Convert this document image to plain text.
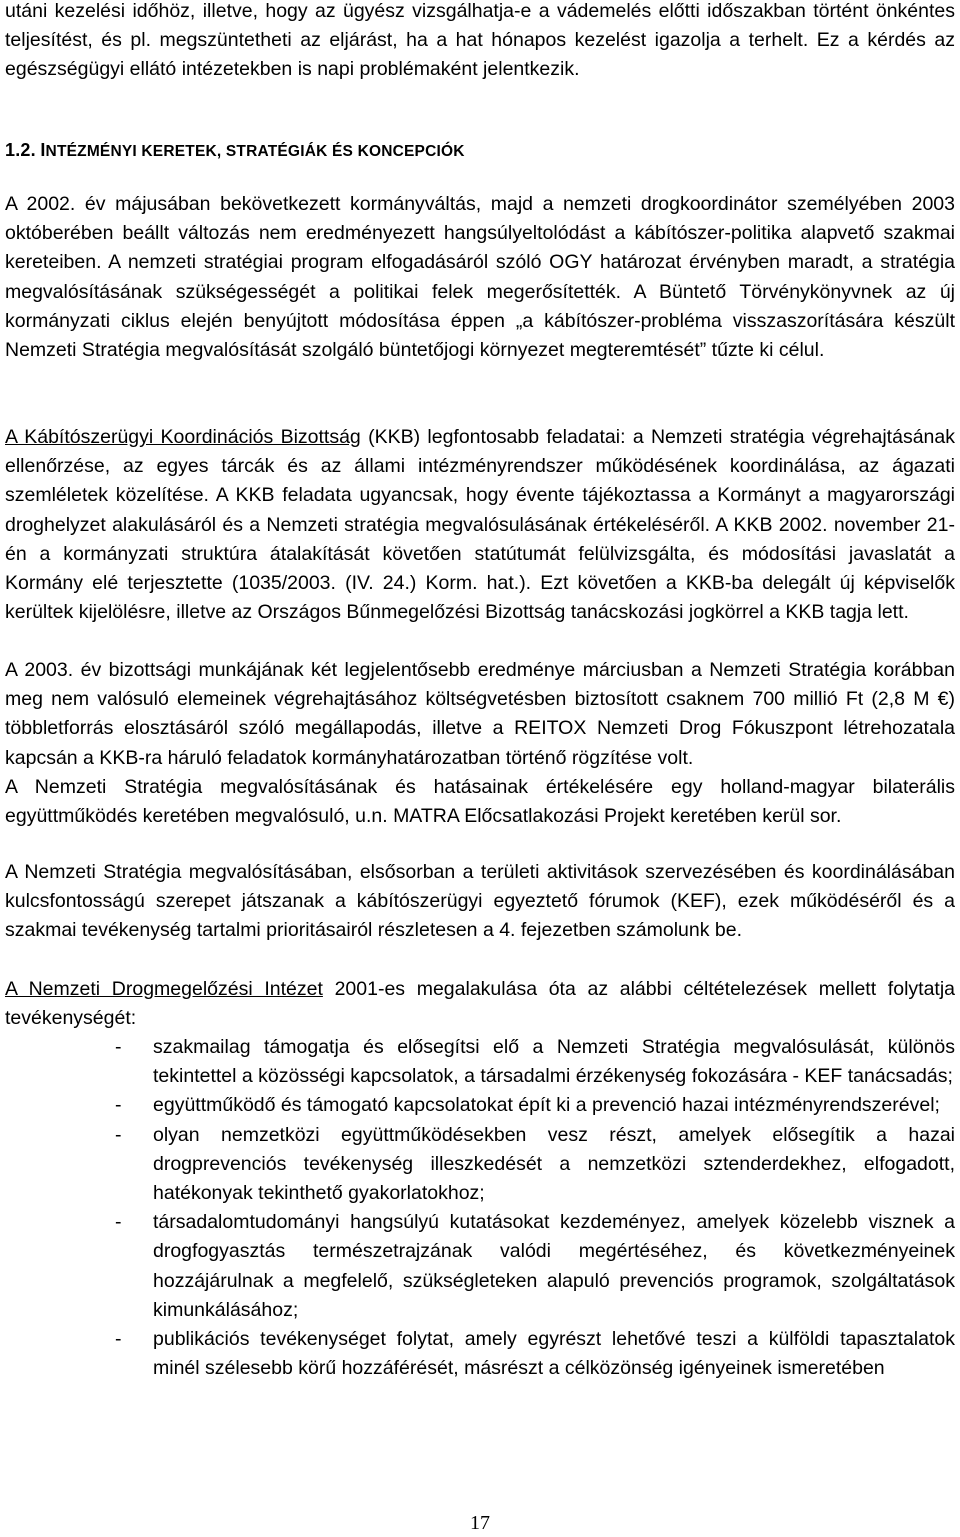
utáni kezelési időhöz, illetve, hogy az ügyész vizsgálhatja-e a vádemelés előtti időszakban történt önkéntes teljesítést, és pl. megszüntetheti az eljárást, ha a hat hónapos kezelést igazolja a terhelt. Ez a kérdés az egészségügyi ellátó intézetekben is napi problémaként jelentkezik.

1.2. INTÉZMÉNYI KERETEK, STRATÉGIÁK ÉS KONCEPCIÓK

A 2002. év májusában bekövetkezett kormányváltás, majd a nemzeti drogkoordinátor személyében 2003 októberében beállt változás nem eredményezett hangsúlyeltolódást a kábítószer-politika alapvető szakmai kereteiben. A nemzeti stratégiai program elfogadásáról szóló OGY határozat érvényben maradt, a stratégia megvalósításának szükségességét a politikai felek megerősítették. A Büntető Törvénykönyvnek az új kormányzati ciklus elején benyújtott módosítása éppen „a kábítószer-probléma visszaszorítására készült Nemzeti Stratégia megvalósítását szolgáló büntetőjogi környezet megteremtését” tűzte ki célul.

A Kábítószerügyi Koordinációs Bizottság (KKB) legfontosabb feladatai: a Nemzeti stratégia végrehajtásának ellenőrzése, az egyes tárcák és az állami intézményrendszer működésének koordinálása, az ágazati szemléletek közelítése. A KKB feladata ugyancsak, hogy évente tájékoztassa a Kormányt a magyarországi droghelyzet alakulásáról és a Nemzeti stratégia megvalósulásának értékeléséről. A KKB 2002. november 21-én a kormányzati struktúra átalakítását követően statútumát felülvizsgálta, és módosítási javaslatát a Kormány elé terjesztette (1035/2003. (IV. 24.) Korm. hat.). Ezt követően a KKB-ba delegált új képviselők kerültek kijelölésre, illetve az Országos Bűnmegelőzési Bizottság tanácskozási jogkörrel a KKB tagja lett.

A 2003. év bizottsági munkájának két legjelentősebb eredménye márciusban a Nemzeti Stratégia korábban meg nem valósuló elemeinek végrehajtásához költségvetésben biztosított csaknem 700 millió Ft (2,8 M €) többletforrás elosztásáról szóló megállapodás, illetve a REITOX Nemzeti Drog Fókuszpont létrehozatala kapcsán a KKB-ra háruló feladatok kormányhatározatban történő rögzítése volt.

A Nemzeti Stratégia megvalósításának és hatásainak értékelésére egy holland-magyar bilaterális együttműködés keretében megvalósuló, u.n. MATRA Előcsatlakozási Projekt keretében kerül sor.

A Nemzeti Stratégia megvalósításában, elsősorban a területi aktivitások szervezésében és koordinálásában kulcsfontosságú szerepet játszanak a kábítószerügyi egyeztető fórumok (KEF), ezek működéséről és a szakmai tevékenység tartalmi prioritásairól részletesen a 4. fejezetben számolunk be.

A Nemzeti Drogmegelőzési Intézet 2001-es megalakulása óta az alábbi céltételezések mellett folytatja tevékenységét:

- szakmailag támogatja és elősegítsi elő a Nemzeti Stratégia megvalósulását, különös tekintettel a közösségi kapcsolatok, a társadalmi érzékenység fokozására - KEF tanácsadás;
- együttműködő és támogató kapcsolatokat épít ki a prevenció hazai intézményrendszerével;
- olyan nemzetközi együttműködésekben vesz részt, amelyek elősegítik a hazai drogprevenciós tevékenység illeszkedését a nemzetközi sztenderdekhez, elfogadott, hatékonyak tekinthető gyakorlatokhoz;
- társadalomtudományi hangsúlyú kutatásokat kezdeményez, amelyek közelebb visznek a drogfogyasztás természetrajzának valódi megértéséhez, és következményeinek hozzájárulnak a megfelelő, szükségleteken alapuló prevenciós programok, szolgáltatások kimunkálásához;
- publikációs tevékenységet folytat, amely egyrészt lehetővé teszi a külföldi tapasztalatok minél szélesebb körű hozzáférését, másrészt a célközönség igényeinek ismeretében
17
